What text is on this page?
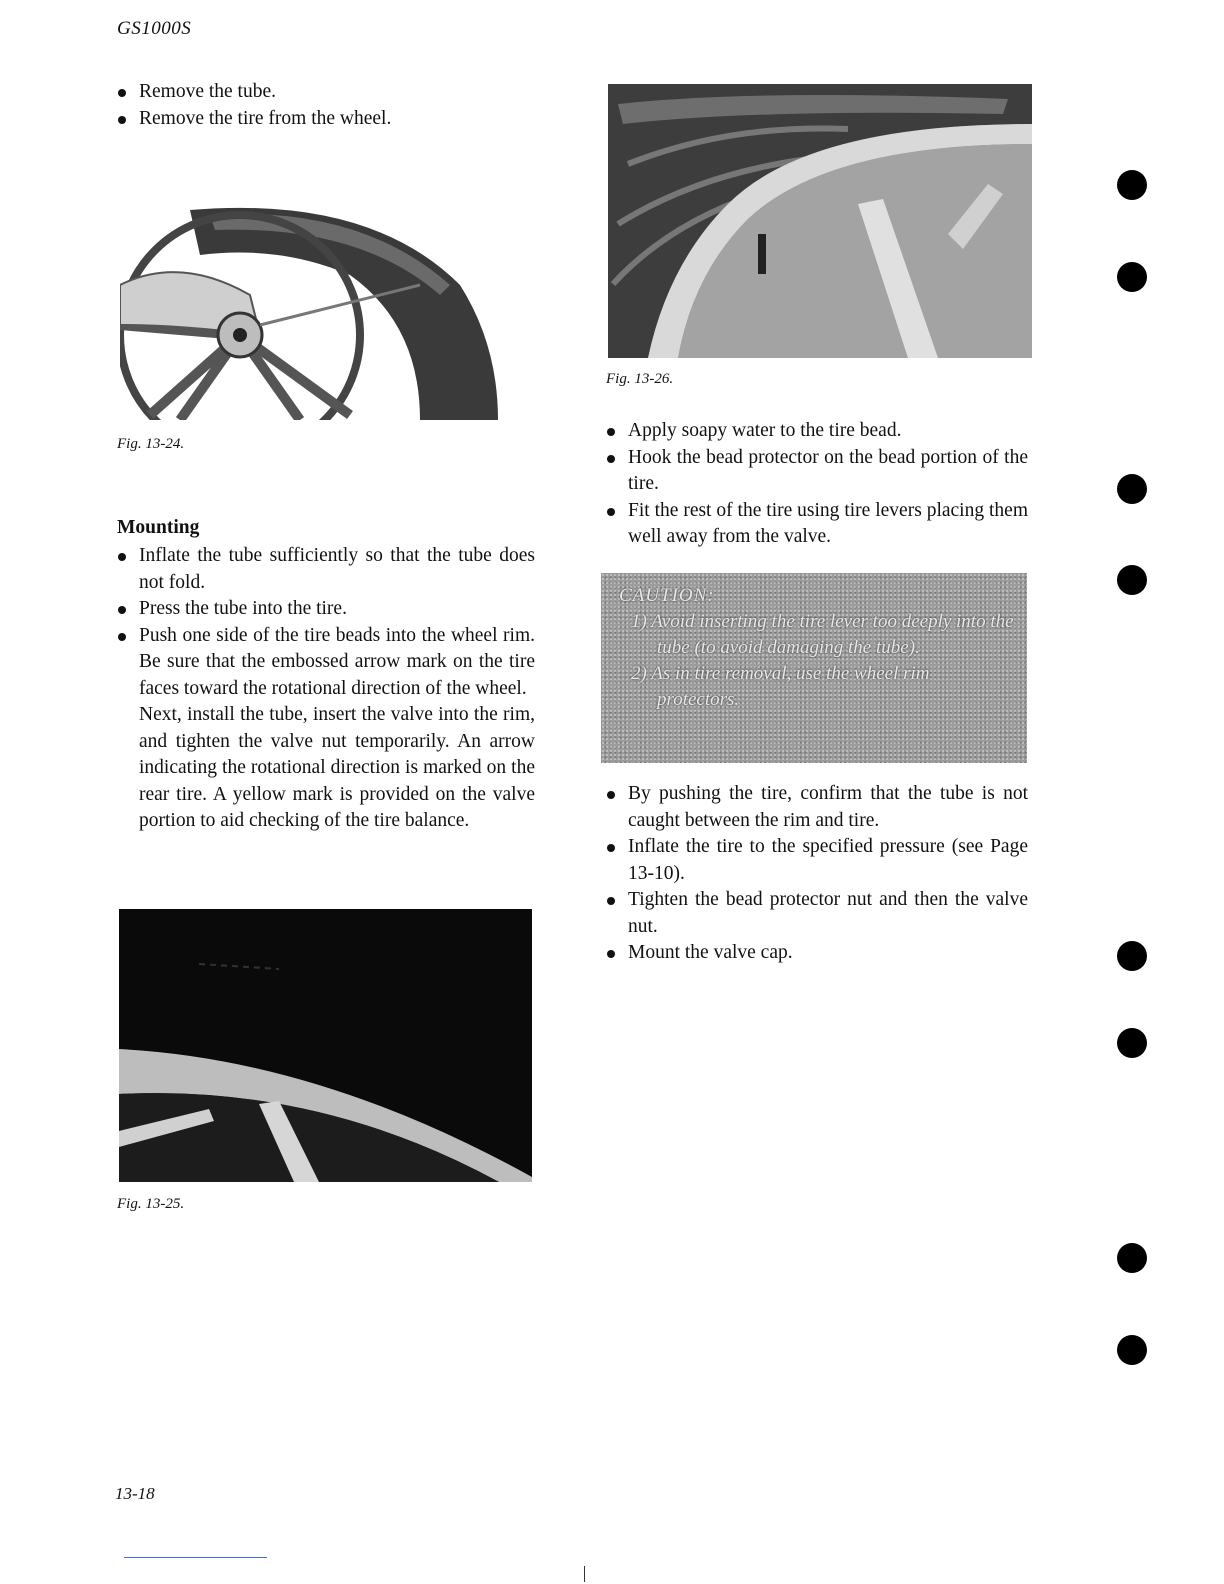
GS1000S
Remove the tube.
Remove the tire from the wheel.
Fig. 13-24.
Mounting
Inflate the tube sufficiently so that the tube does not fold.
Press the tube into the tire.
Push one side of the tire beads into the wheel rim. Be sure that the embossed arrow mark on the tire faces toward the rotational direction of the wheel.
Next, install the tube, insert the valve into the rim, and tighten the valve nut temporarily. An arrow indicating the rotational direction is marked on the rear tire. A yellow mark is provided on the valve portion to aid checking of the tire balance.
Fig. 13-25.
Fig. 13-26.
Apply soapy water to the tire bead.
Hook the bead protector on the bead portion of the tire.
Fit the rest of the tire using tire levers placing them well away from the valve.
CAUTION:
1) Avoid inserting the tire lever too deeply into the tube (to avoid damaging the tube).
2) As in tire removal, use the wheel rim protectors.
By pushing the tire, confirm that the tube is not caught between the rim and tire.
Inflate the tire to the specified pressure (see Page 13-10).
Tighten the bead protector nut and then the valve nut.
Mount the valve cap.
13-18
